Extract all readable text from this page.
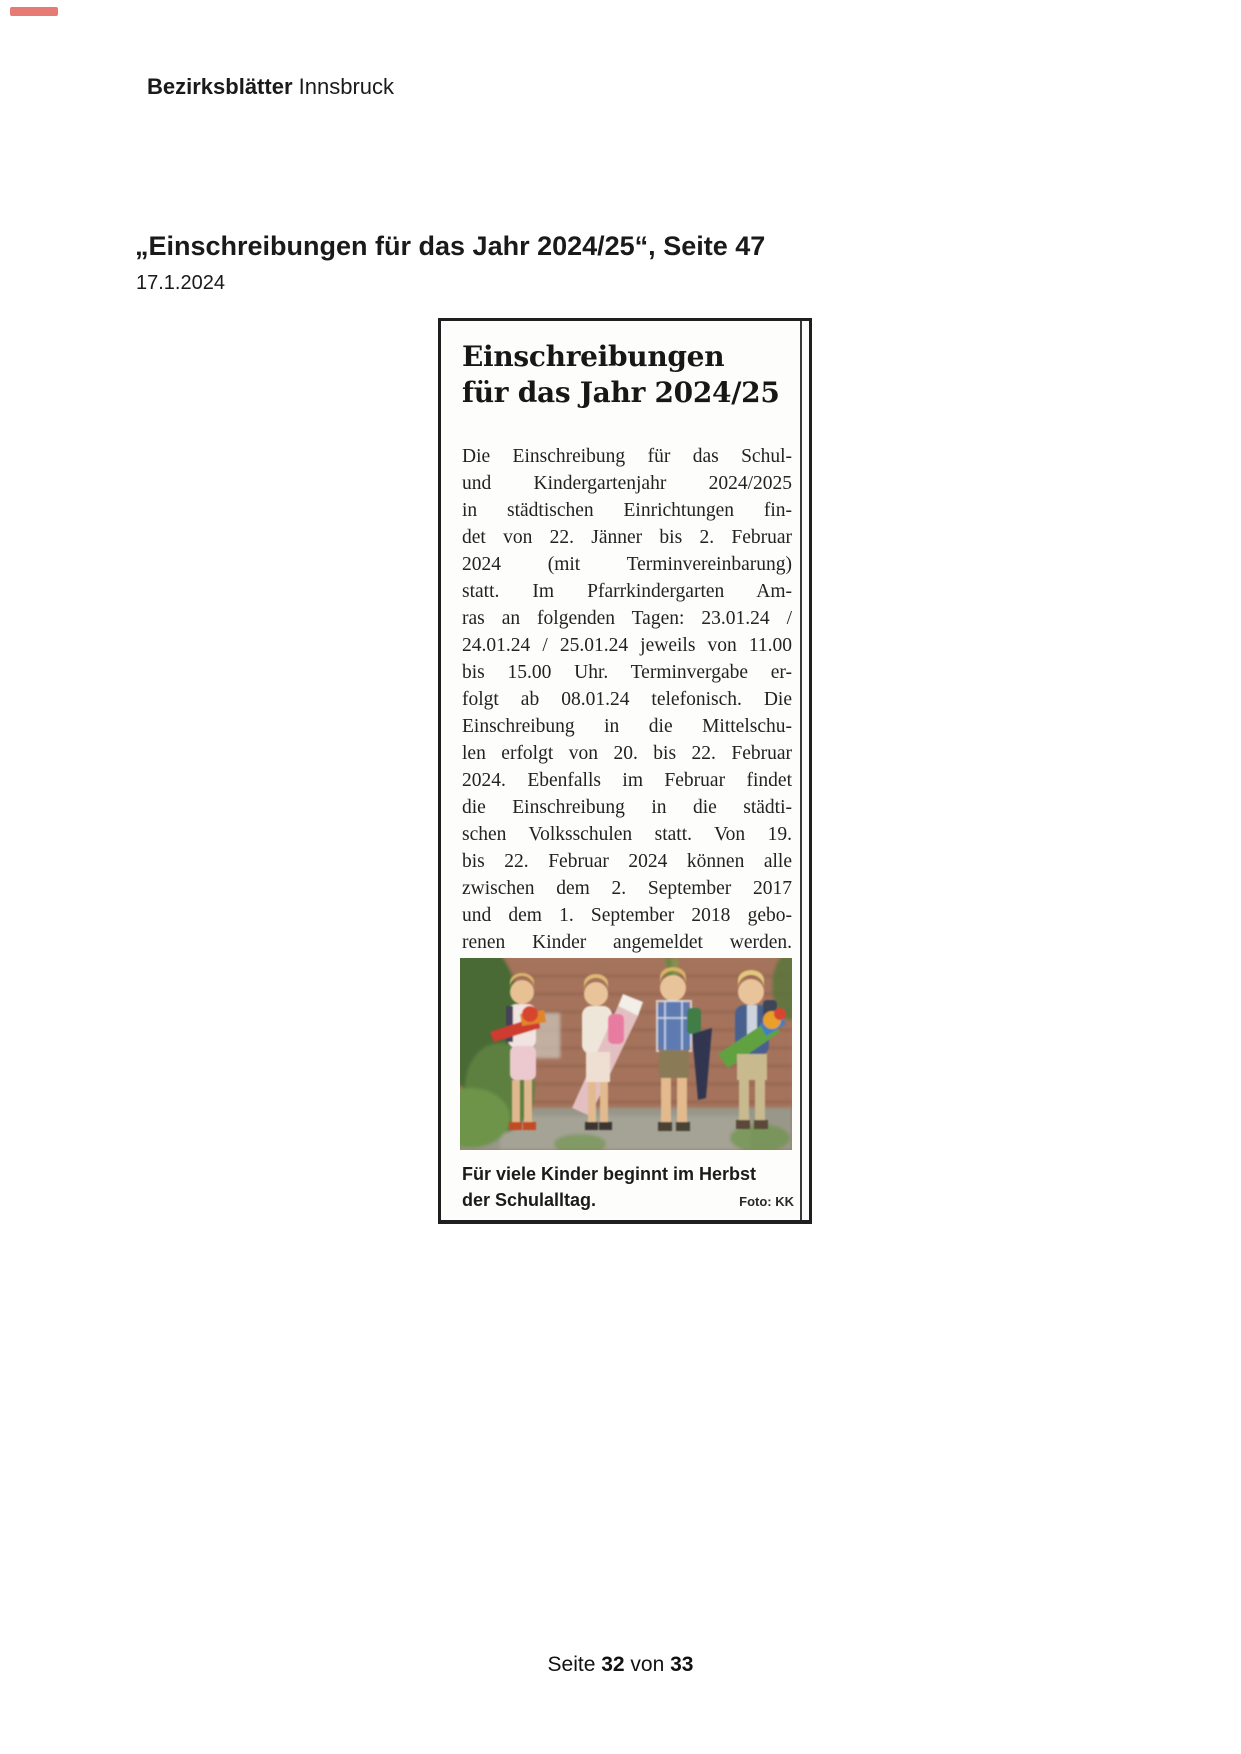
Bezirksblätter Innsbruck
„Einschreibungen für das Jahr 2024/25“, Seite 47
17.1.2024
Einschreibungen
für das Jahr 2024/25
Die Einschreibung für das Schul-
und Kindergartenjahr 2024/2025
in städtischen Einrichtungen fin-
det von 22. Jänner bis 2. Februar
2024 (mit Terminvereinbarung)
statt. Im Pfarrkindergarten Am-
ras an folgenden Tagen: 23.01.24 /
24.01.24 / 25.01.24 jeweils von 11.00
bis 15.00 Uhr. Terminvergabe er-
folgt ab 08.01.24 telefonisch. Die
Einschreibung in die Mittelschu-
len erfolgt von 20. bis 22. Februar
2024. Ebenfalls im Februar findet
die Einschreibung in die städti-
schen Volksschulen statt. Von 19.
bis 22. Februar 2024 können alle
zwischen dem 2. September 2017
und dem 1. September 2018 gebo-
renen Kinder angemeldet werden.
Für viele Kinder beginnt im Herbst
der Schulalltag.	Foto: KK
Seite 32 von 33
